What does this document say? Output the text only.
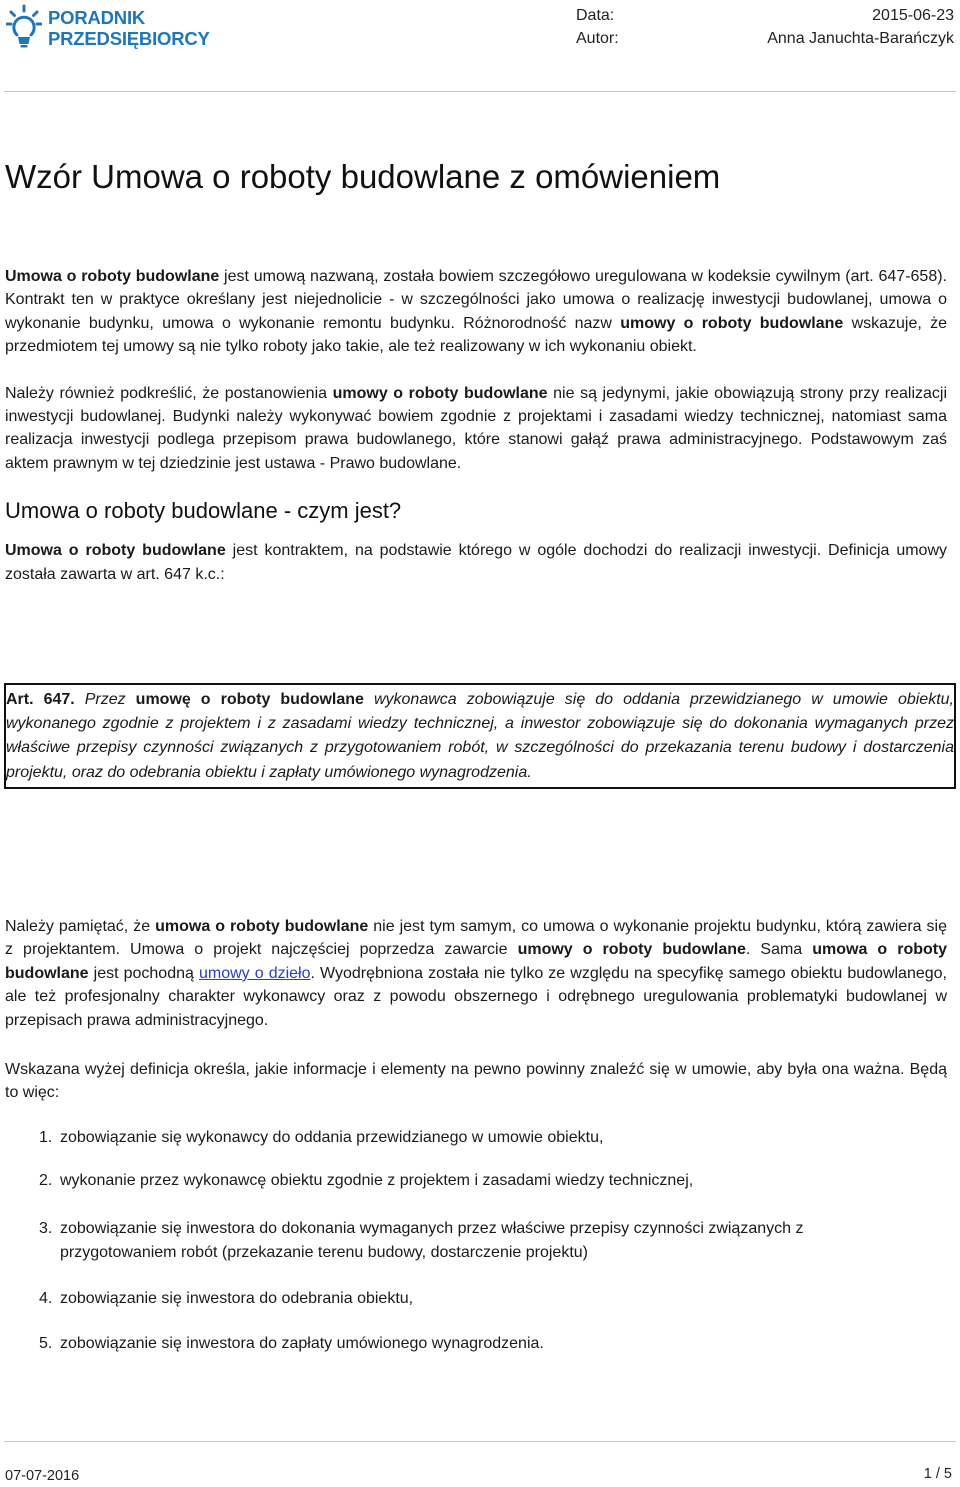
PORADNIK
PRZEDSIĘBIORCY
Data:
Autor:
2015-06-23
Anna Januchta-Barańczyk
Wzór Umowa o roboty budowlane z omówieniem

Umowa o roboty budowlane jest umową nazwaną, została bowiem szczegółowo uregulowana w kodeksie cywilnym (art. 647-658). Kontrakt ten w praktyce określany jest niejednolicie - w szczególności jako umowa o realizację inwestycji budowlanej, umowa o wykonanie budynku, umowa o wykonanie remontu budynku. Różnorodność nazw umowy o roboty budowlane wskazuje, że przedmiotem tej umowy są nie tylko roboty jako takie, ale też realizowany w ich wykonaniu obiekt.

Należy również podkreślić, że postanowienia umowy o roboty budowlane nie są jedynymi, jakie obowiązują strony przy realizacji inwestycji budowlanej. Budynki należy wykonywać bowiem zgodnie z projektami i zasadami wiedzy technicznej, natomiast sama realizacja inwestycji podlega przepisom prawa budowlanego, które stanowi gałąź prawa administracyjnego. Podstawowym zaś aktem prawnym w tej dziedzinie jest ustawa - Prawo budowlane.

Umowa o roboty budowlane - czym jest?

Umowa o roboty budowlane jest kontraktem, na podstawie którego w ogóle dochodzi do realizacji inwestycji. Definicja umowy została zawarta w art. 647 k.c.:

Art. 647. Przez umowę o roboty budowlane wykonawca zobowiązuje się do oddania przewidzianego w umowie obiektu, wykonanego zgodnie z projektem i z zasadami wiedzy technicznej, a inwestor zobowiązuje się do dokonania wymaganych przez właściwe przepisy czynności związanych z przygotowaniem robót, w szczególności do przekazania terenu budowy i dostarczenia projektu, oraz do odebrania obiektu i zapłaty umówionego wynagrodzenia.

Należy pamiętać, że umowa o roboty budowlane nie jest tym samym, co umowa o wykonanie projektu budynku, którą zawiera się z projektantem. Umowa o projekt najczęściej poprzedza zawarcie umowy o roboty budowlane. Sama umowa o roboty budowlane jest pochodną umowy o dzieło. Wyodrębniona została nie tylko ze względu na specyfikę samego obiektu budowlanego, ale też profesjonalny charakter wykonawcy oraz z powodu obszernego i odrębnego uregulowania problematyki budowlanej w przepisach prawa administracyjnego.

Wskazana wyżej definicja określa, jakie informacje i elementy na pewno powinny znaleźć się w umowie, aby była ona ważna. Będą to więc:

1. zobowiązanie się wykonawcy do oddania przewidzianego w umowie obiektu,
2. wykonanie przez wykonawcę obiektu zgodnie z projektem i zasadami wiedzy technicznej,
3. zobowiązanie się inwestora do dokonania wymaganych przez właściwe przepisy czynności związanych z
przygotowaniem robót (przekazanie terenu budowy, dostarczenie projektu)
4. zobowiązanie się inwestora do odebrania obiektu,
5. zobowiązanie się inwestora do zapłaty umówionego wynagrodzenia.
07-07-2016	1 / 5
